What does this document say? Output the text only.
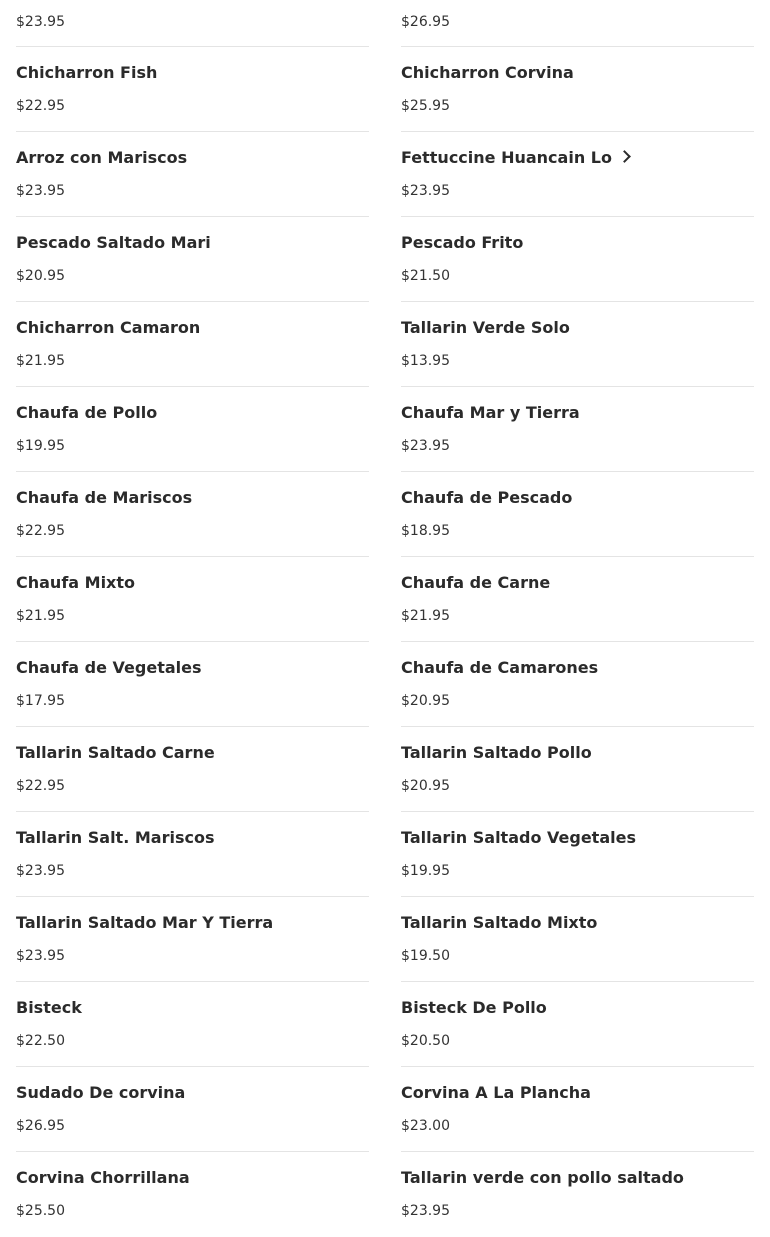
$23.95
Chicharron Fish
$22.95
Arroz con Mariscos
$23.95
Pescado Saltado Mari
$20.95
Chicharron Camaron
$21.95
Chaufa de Pollo
$19.95
Chaufa de Mariscos
$22.95
Chaufa Mixto
$21.95
Chaufa de Vegetales
$17.95
Tallarin Saltado Carne
$22.95
Tallarin Salt. Mariscos
$23.95
Tallarin Saltado Mar Y Tierra
$23.95
Bisteck
$22.50
Sudado De corvina
$26.95
Corvina Chorrillana
$25.50
$26.95
Chicharron Corvina
$25.95
Fettuccine Huancain Lo
$23.95
Pescado Frito
$21.50
Tallarin Verde Solo
$13.95
Chaufa Mar y Tierra
$23.95
Chaufa de Pescado
$18.95
Chaufa de Carne
$21.95
Chaufa de Camarones
$20.95
Tallarin Saltado Pollo
$20.95
Tallarin Saltado Vegetales
$19.95
Tallarin Saltado Mixto
$19.50
Bisteck De Pollo
$20.50
Corvina A La Plancha
$23.00
Tallarin verde con pollo saltado
$23.95
